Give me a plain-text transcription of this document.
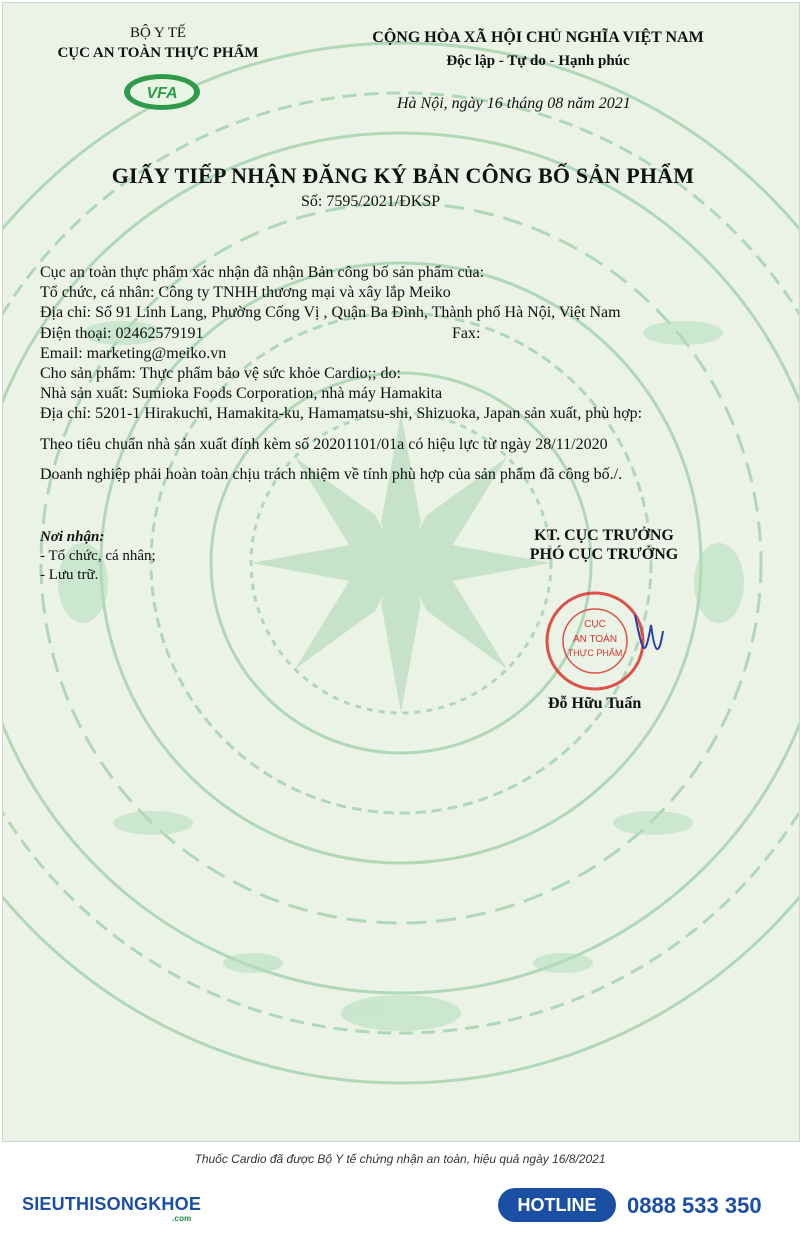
BỘ Y TẾ
CỤC AN TOÀN THỰC PHẨM
VFA
CỘNG HÒA XÃ HỘI CHỦ NGHĨA VIỆT NAM
Độc lập - Tự do - Hạnh phúc
Hà Nội, ngày 16 tháng 08 năm 2021
GIẤY TIẾP NHẬN ĐĂNG KÝ BẢN CÔNG BỐ SẢN PHẨM
Số: 7595/2021/ĐKSP
Cục an toàn thực phẩm xác nhận đã nhận Bản công bố sản phẩm của:
Tổ chức, cá nhân: Công ty TNHH thương mại và xây lắp Meiko
Địa chỉ: Số 91 Linh Lang, Phường Cống Vị , Quận Ba Đình, Thành phố Hà Nội, Việt Nam
Điện thoại: 02462579191	Fax:
Email: marketing@meiko.vn
Cho sản phẩm: Thực phẩm bảo vệ sức khỏe Cardio;; do:
Nhà sản xuất: Sumioka Foods Corporation, nhà máy Hamakita
Địa chỉ: 5201-1 Hirakuchi, Hamakita-ku, Hamamatsu-shi, Shizuoka, Japan sản xuất, phù hợp:
Theo tiêu chuẩn nhà sản xuất đính kèm số 20201101/01a có hiệu lực từ ngày 28/11/2020
Doanh nghiệp phải hoàn toàn chịu trách nhiệm về tính phù hợp của sản phẩm đã công bố./.
Nơi nhận:
- Tổ chức, cá nhân;
- Lưu trữ.
KT. CỤC TRƯỞNG
PHÓ CỤC TRƯỞNG
CỤC
AN TOÀN
THỰC PHẨM
Đỗ Hữu Tuấn
Thuốc Cardio đã được Bộ Y tế chứng nhận an toàn, hiệu quả ngày 16/8/2021
SIEUTHISONGKHOE
.com
HOTLINE 0888 533 350
